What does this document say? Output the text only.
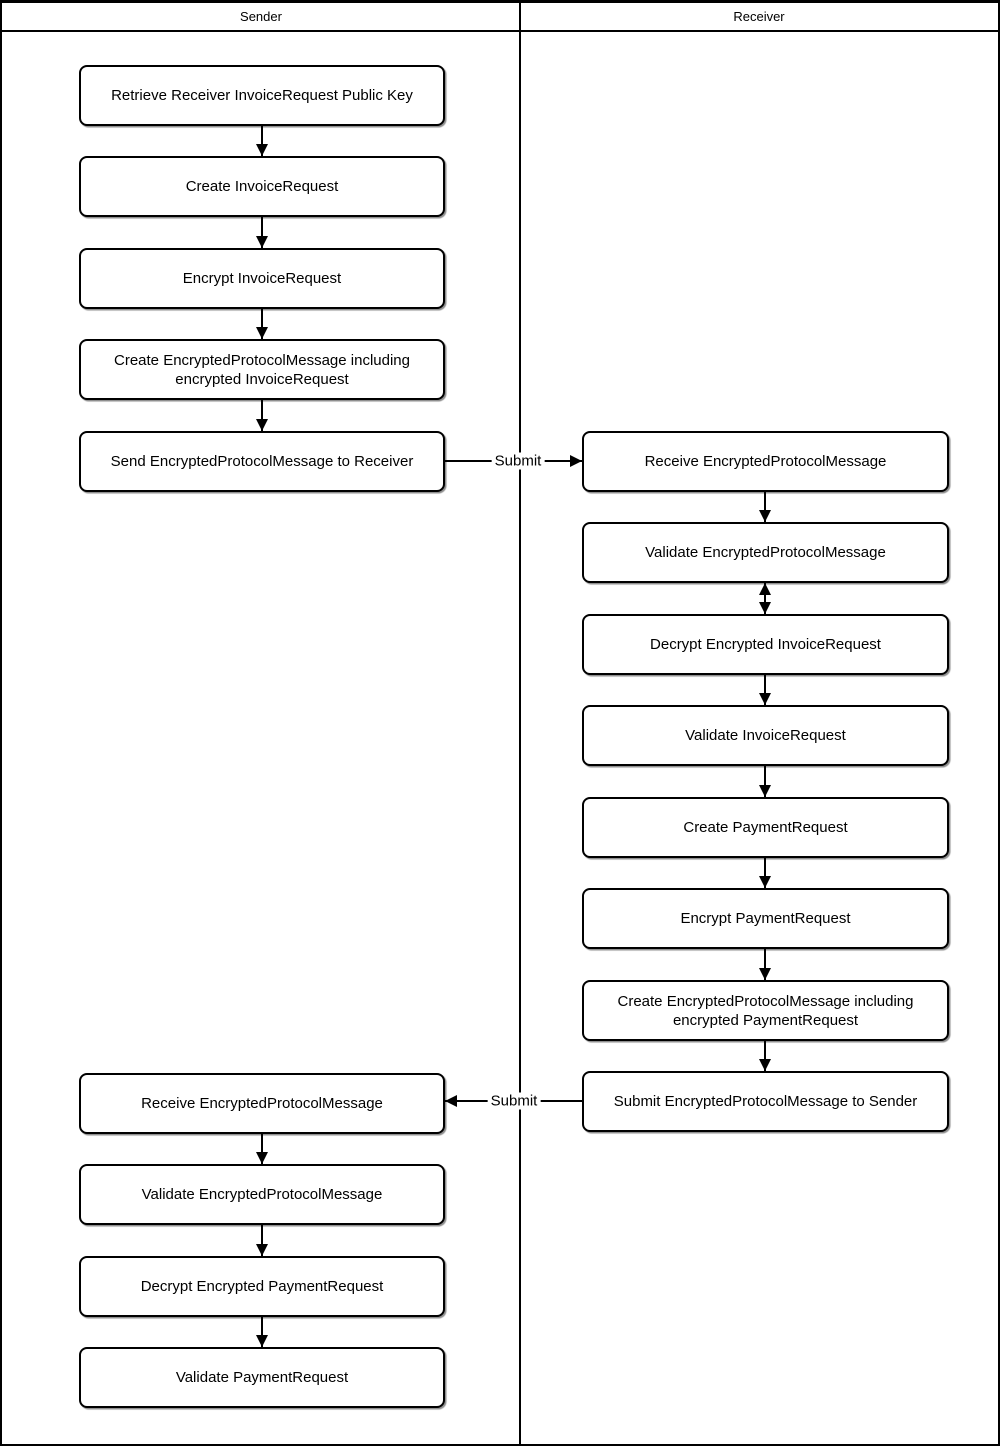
Sender	Receiver
Retrieve Receiver InvoiceRequest Public Key
Create InvoiceRequest
Encrypt InvoiceRequest
Create EncryptedProtocolMessage including encrypted InvoiceRequest
Send EncryptedProtocolMessage to Receiver
Receive EncryptedProtocolMessage
Validate EncryptedProtocolMessage
Decrypt Encrypted PaymentRequest
Validate PaymentRequest
Receive EncryptedProtocolMessage
Validate EncryptedProtocolMessage
Decrypt Encrypted InvoiceRequest
Validate InvoiceRequest
Create PaymentRequest
Encrypt PaymentRequest
Create EncryptedProtocolMessage including encrypted PaymentRequest
Submit EncryptedProtocolMessage to Sender
Submit
Submit
